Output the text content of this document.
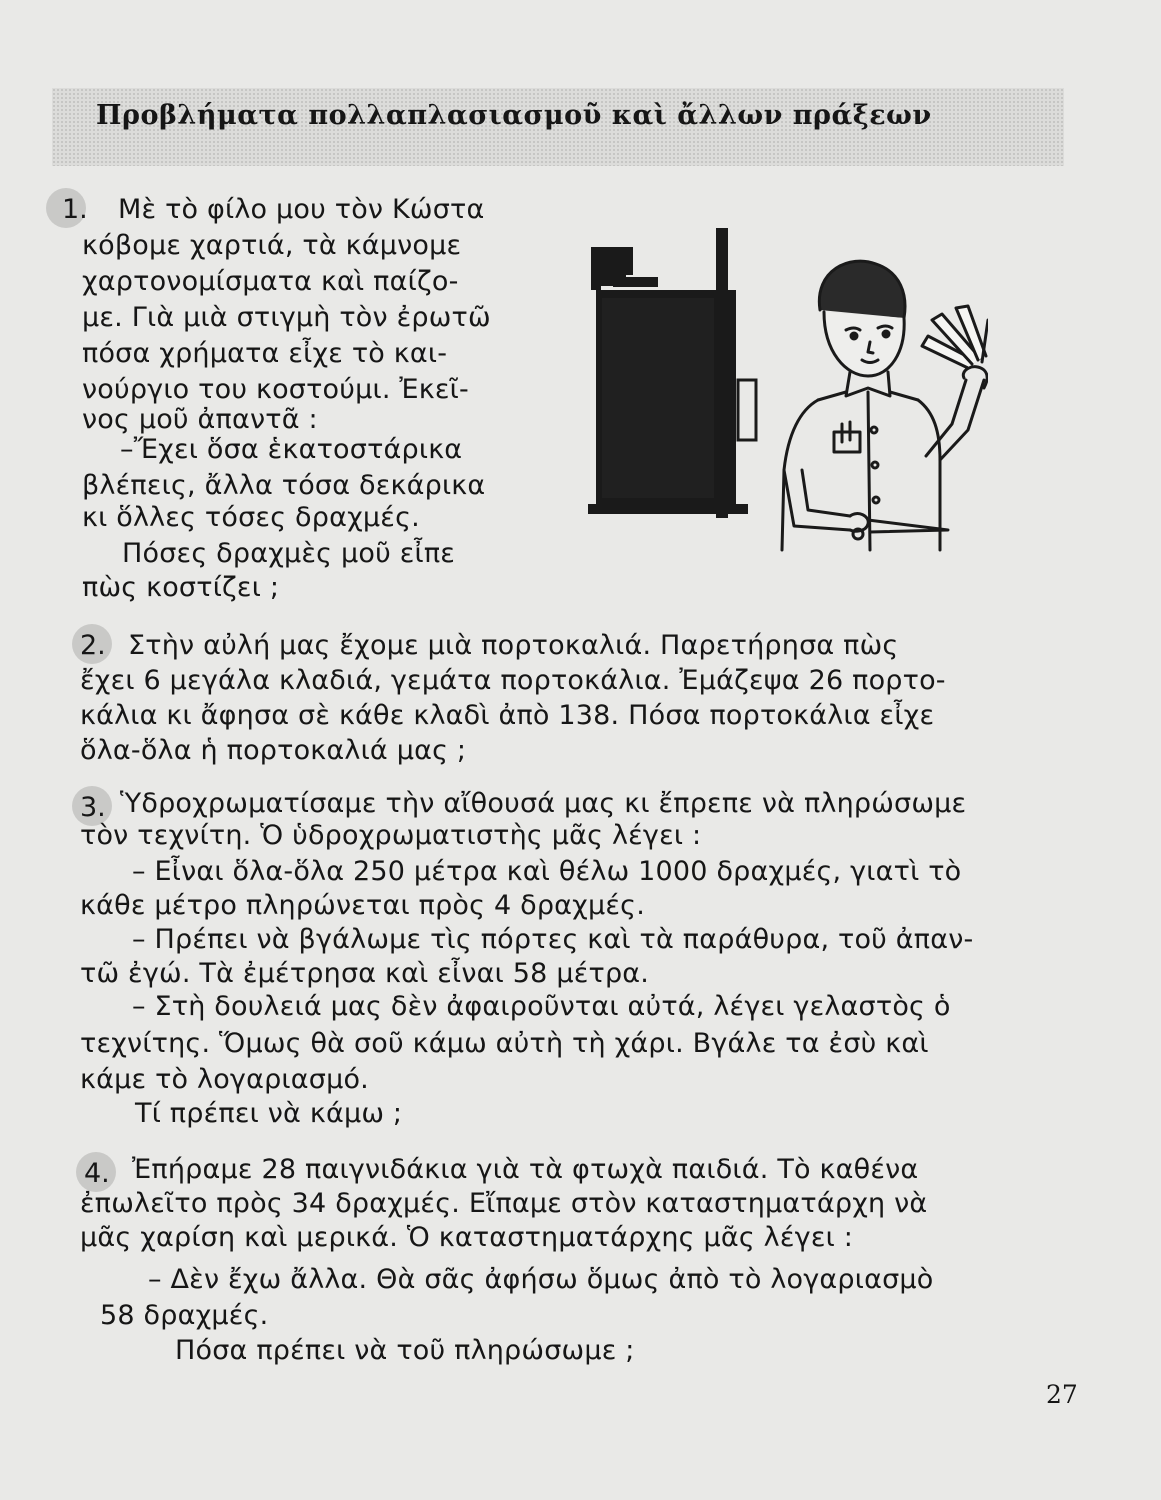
Προβλήματα πολλαπλασιασμοῦ καὶ ἄλλων πράξεων

1. Μὲ τὸ φίλο μου τὸν Κώστα

κόβομε χαρτιά, τὰ κάμνομε

χαρτονομίσματα καὶ παίζο-

με. Γιὰ μιὰ στιγμὴ τὸν ἐρωτῶ

πόσα χρήματα εἶχε τὸ και-

νούργιο του κοστούμι. Ἐκεῖ-

νος μοῦ ἀπαντᾶ :

–Ἔχει ὅσα ἑκατοστάρικα

βλέπεις, ἄλλα τόσα δεκάρικα

κι ὅλλες τόσες δραχμές.

Πόσες δραχμὲς μοῦ εἶπε

πὼς κοστίζει ;

2. Στὴν αὐλή μας ἔχομε μιὰ πορτοκαλιά. Παρετήρησα πὼς

ἔχει 6 μεγάλα κλαδιά, γεμάτα πορτοκάλια. Ἐμάζεψα 26 πορτο-

κάλια κι ἄφησα σὲ κάθε κλαδὶ ἀπὸ 138. Πόσα πορτοκάλια εἶχε

ὅλα-ὅλα ἡ πορτοκαλιά μας ;

3. Ὑδροχρωματίσαμε τὴν αἴθουσά μας κι ἔπρεπε νὰ πληρώσωμε

τὸν τεχνίτη. Ὁ ὑδροχρωματιστὴς μᾶς λέγει :

– Εἶναι ὅλα-ὅλα 250 μέτρα καὶ θέλω 1000 δραχμές, γιατὶ τὸ

κάθε μέτρο πληρώνεται πρὸς 4 δραχμές.

– Πρέπει νὰ βγάλωμε τὶς πόρτες καὶ τὰ παράθυρα, τοῦ ἀπαν-

τῶ ἐγώ. Τὰ ἐμέτρησα καὶ εἶναι 58 μέτρα.

– Στὴ δουλειά μας δὲν ἀφαιροῦνται αὐτά, λέγει γελαστὸς ὁ

τεχνίτης. Ὅμως θὰ σοῦ κάμω αὐτὴ τὴ χάρι. Βγάλε τα ἐσὺ καὶ

κάμε τὸ λογαριασμό.

Τί πρέπει νὰ κάμω ;

4. Ἐπήραμε 28 παιγνιδάκια γιὰ τὰ φτωχὰ παιδιά. Τὸ καθένα

ἐπωλεῖτο πρὸς 34 δραχμές. Εἴπαμε στὸν καταστηματάρχη νὰ

μᾶς χαρίση καὶ μερικά. Ὁ καταστηματάρχης μᾶς λέγει :

– Δὲν ἔχω ἄλλα. Θὰ σᾶς ἀφήσω ὅμως ἀπὸ τὸ λογαριασμὸ

58 δραχμές.

Πόσα πρέπει νὰ τοῦ πληρώσωμε ;

27
